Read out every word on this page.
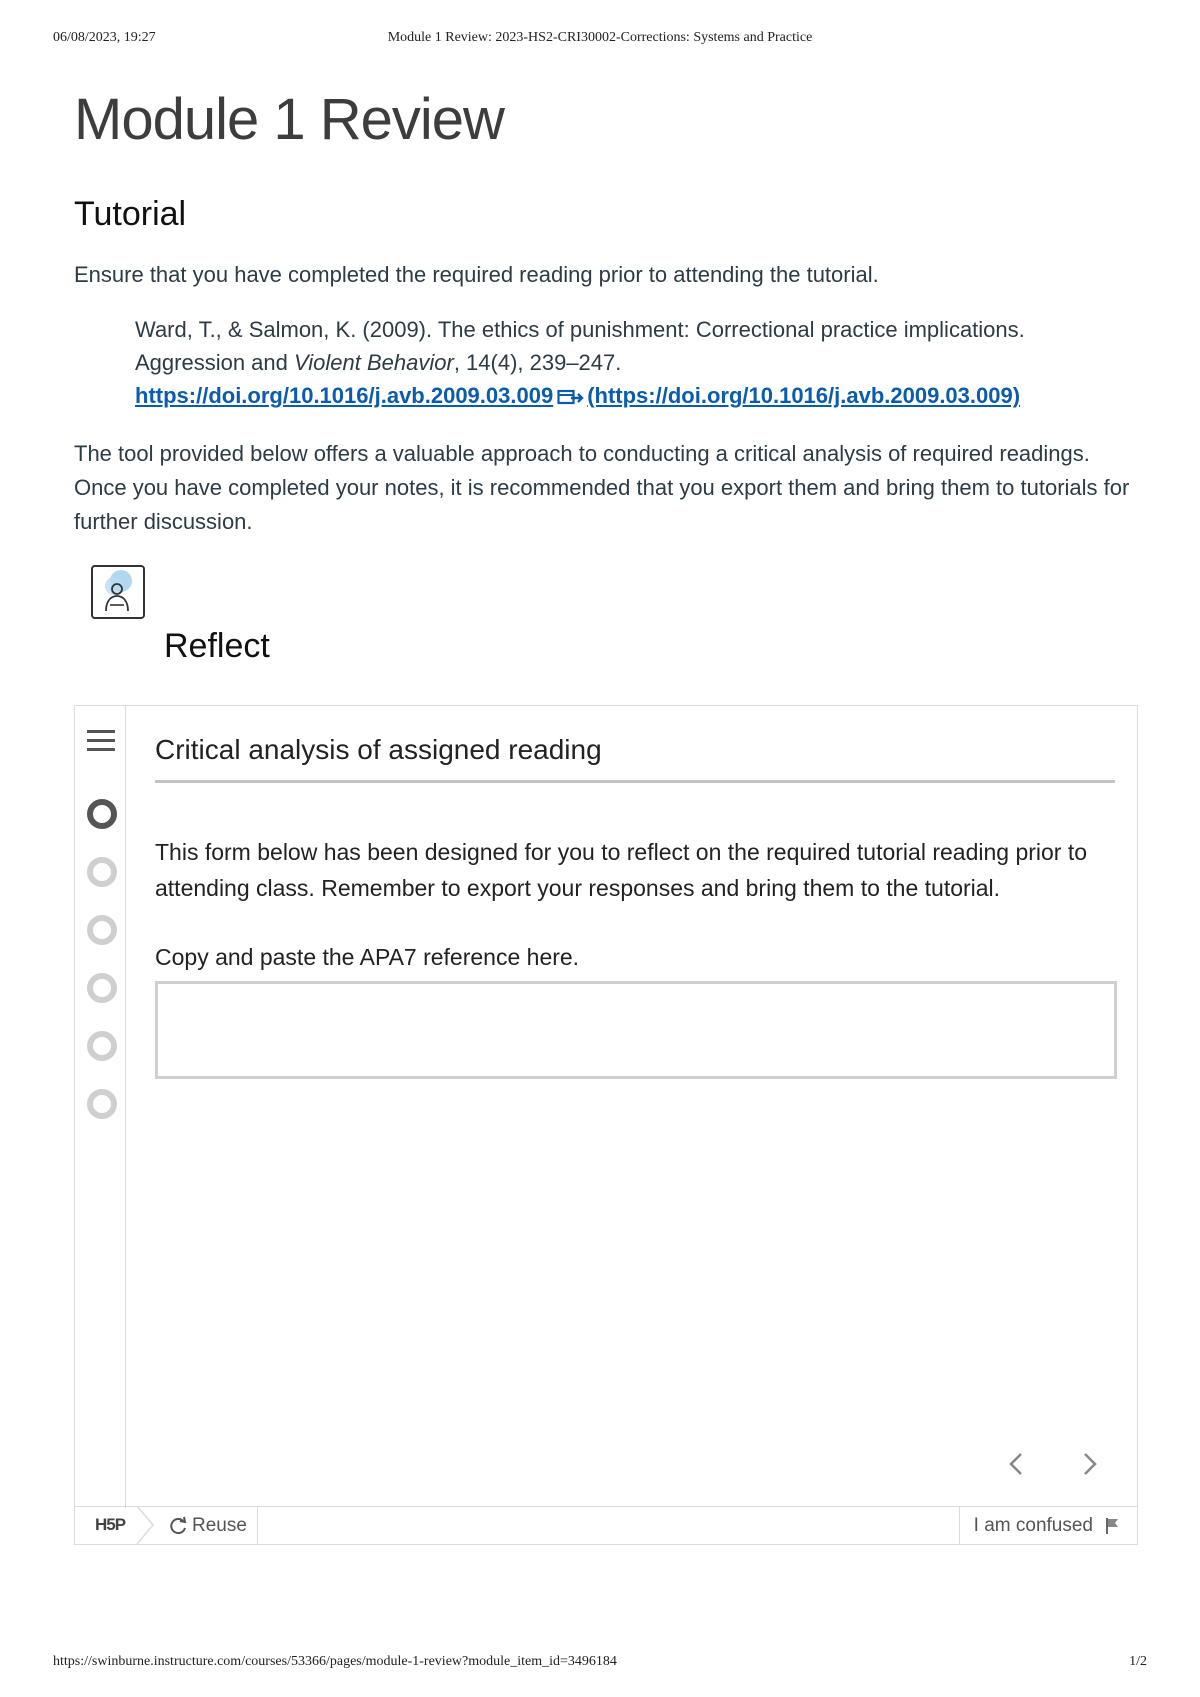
06/08/2023, 19:27	Module 1 Review: 2023-HS2-CRI30002-Corrections: Systems and Practice
Module 1 Review
Tutorial

Ensure that you have completed the required reading prior to attending the tutorial.

Ward, T., & Salmon, K. (2009). The ethics of punishment: Correctional practice implications.
Aggression and Violent Behavior, 14(4), 239–247.
https://doi.org/10.1016/j.avb.2009.03.009 (https://doi.org/10.1016/j.avb.2009.03.009)

The tool provided below offers a valuable approach to conducting a critical analysis of required readings. Once you have completed your notes, it is recommended that you export them and bring them to tutorials for further discussion.

Reflect
Critical analysis of assigned reading
This form below has been designed for you to reflect on the required tutorial reading prior to attending class. Remember to export your responses and bring them to the tutorial.
Copy and paste the APA7 reference here.
H5P	Reuse	I am confused
https://swinburne.instructure.com/courses/53366/pages/module-1-review?module_item_id=3496184	1/2
